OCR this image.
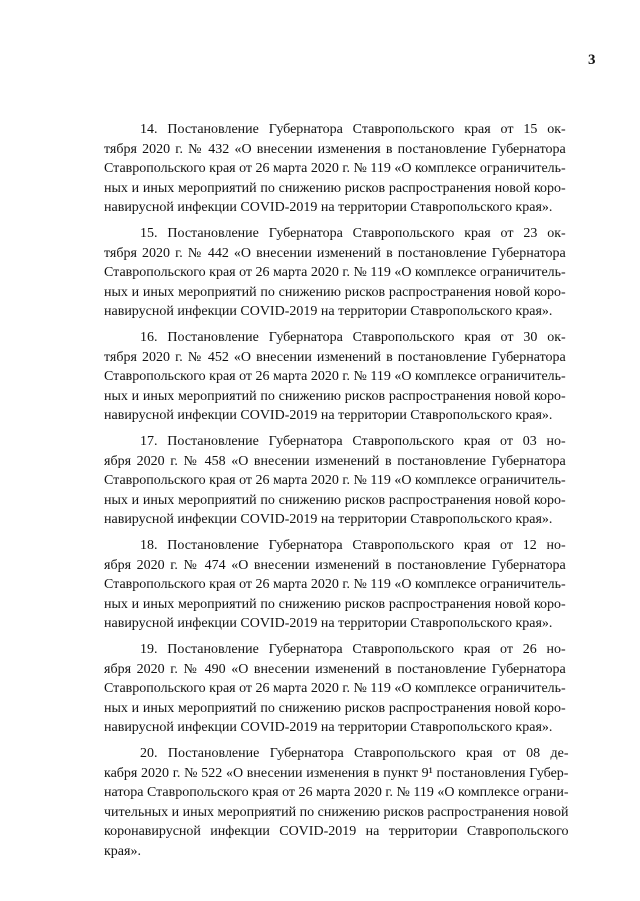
3

14. Постановление Губернатора Ставропольского края от 15 ок-
тября 2020 г. № 432 «О внесении изменения в постановление Губернатора
Ставропольского края от 26 марта 2020 г. № 119 «О комплексе ограничитель-
ных и иных мероприятий по снижению рисков распространения новой коро-
навирусной инфекции COVID-2019 на территории Ставропольского края».

15. Постановление Губернатора Ставропольского края от 23 ок-
тября 2020 г. № 442 «О внесении изменений в постановление Губернатора
Ставропольского края от 26 марта 2020 г. № 119 «О комплексе ограничитель-
ных и иных мероприятий по снижению рисков распространения новой коро-
навирусной инфекции COVID-2019 на территории Ставропольского края».

16. Постановление Губернатора Ставропольского края от 30 ок-
тября 2020 г. № 452 «О внесении изменений в постановление Губернатора
Ставропольского края от 26 марта 2020 г. № 119 «О комплексе ограничитель-
ных и иных мероприятий по снижению рисков распространения новой коро-
навирусной инфекции COVID-2019 на территории Ставропольского края».

17. Постановление Губернатора Ставропольского края от 03 но-
ября 2020 г. № 458 «О внесении изменений в постановление Губернатора
Ставропольского края от 26 марта 2020 г. № 119 «О комплексе ограничитель-
ных и иных мероприятий по снижению рисков распространения новой коро-
навирусной инфекции COVID-2019 на территории Ставропольского края».

18. Постановление Губернатора Ставропольского края от 12 но-
ября 2020 г. № 474 «О внесении изменений в постановление Губернатора
Ставропольского края от 26 марта 2020 г. № 119 «О комплексе ограничитель-
ных и иных мероприятий по снижению рисков распространения новой коро-
навирусной инфекции COVID-2019 на территории Ставропольского края».

19. Постановление Губернатора Ставропольского края от 26 но-
ября 2020 г. № 490 «О внесении изменений в постановление Губернатора
Ставропольского края от 26 марта 2020 г. № 119 «О комплексе ограничитель-
ных и иных мероприятий по снижению рисков распространения новой коро-
навирусной инфекции COVID-2019 на территории Ставропольского края».

20. Постановление Губернатора Ставропольского края от 08 де-
кабря 2020 г. № 522 «О внесении изменения в пункт 9¹ постановления Губер-
натора Ставропольского края от 26 марта 2020 г. № 119 «О комплексе ограни-
чительных и иных мероприятий по снижению рисков распространения новой
коронавирусной инфекции COVID-2019 на территории Ставропольского
края».
